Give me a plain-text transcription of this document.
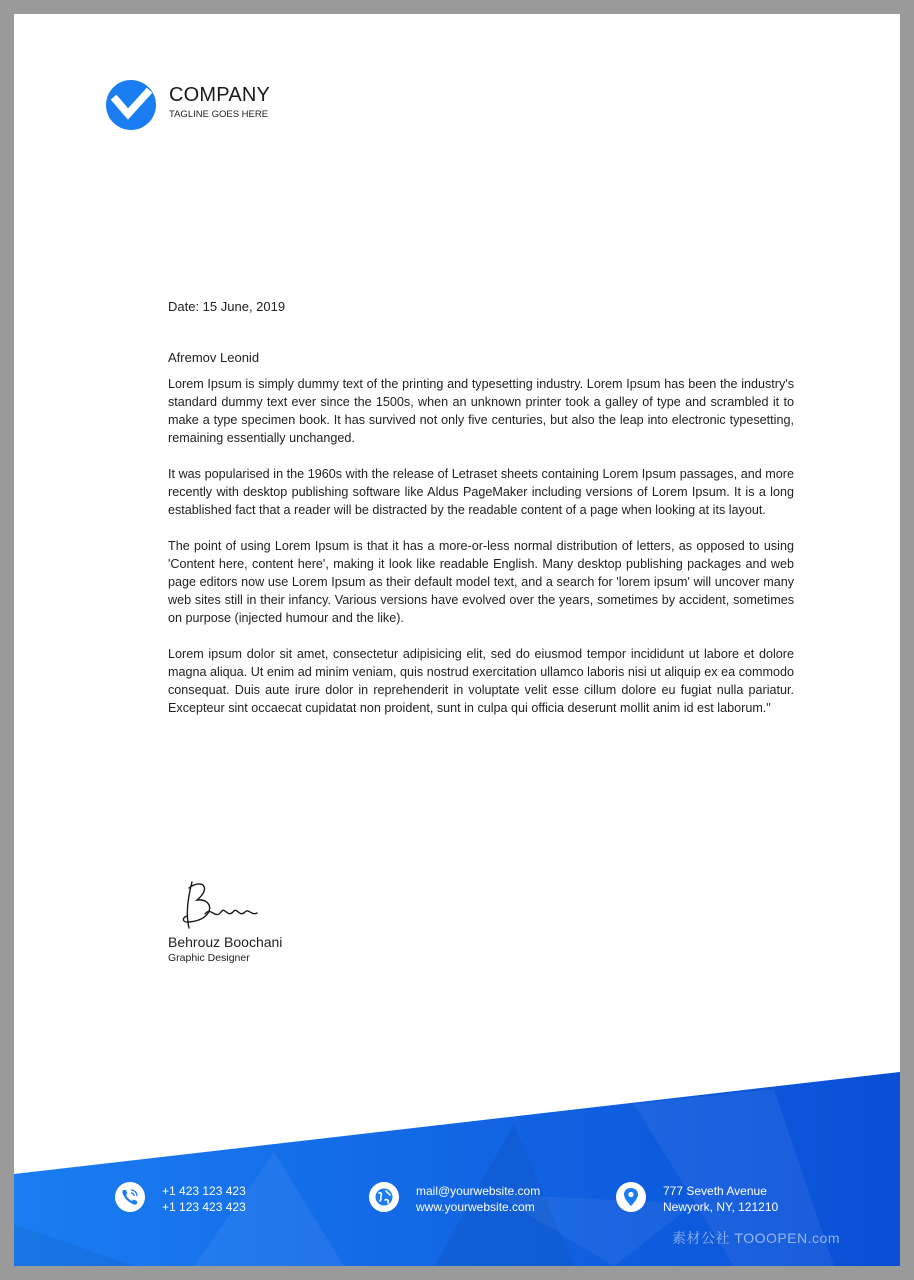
COMPANY
TAGLINE GOES HERE
Date: 15 June, 2019
Afremov Leonid

Lorem Ipsum is simply dummy text of the printing and typesetting industry. Lorem Ipsum has been the industry's standard dummy text ever since the 1500s, when an unknown printer took a galley of type and scrambled it to make a type specimen book. It has survived not only five centuries, but also the leap into electronic typesetting, remaining essentially unchanged.

It was popularised in the 1960s with the release of Letraset sheets containing Lorem Ipsum passages, and more recently with desktop publishing software like Aldus PageMaker including versions of Lorem Ipsum. It is a long established fact that a reader will be distracted by the readable content of a page when looking at its layout.

The point of using Lorem Ipsum is that it has a more-or-less normal distribution of letters, as opposed to using 'Content here, content here', making it look like readable English. Many desktop publishing packages and web page editors now use Lorem Ipsum as their default model text, and a search for 'lorem ipsum' will uncover many web sites still in their infancy. Various versions have evolved over the years, sometimes by accident, sometimes on purpose (injected humour and the like).

Lorem ipsum dolor sit amet, consectetur adipisicing elit, sed do eiusmod tempor incididunt ut labore et dolore magna aliqua. Ut enim ad minim veniam, quis nostrud exercitation ullamco laboris nisi ut aliquip ex ea commodo consequat. Duis aute irure dolor in reprehenderit in voluptate velit esse cillum dolore eu fugiat nulla pariatur. Excepteur sint occaecat cupidatat non proident, sunt in culpa qui officia deserunt mollit anim id est laborum."

Behrouz Boochani
Graphic Designer
+1 423 123 423
+1 123 423 423
mail@yourwebsite.com
www.yourwebsite.com
777 Seveth Avenue
Newyork, NY, 121210
素材公社 TOOOPEN.com
